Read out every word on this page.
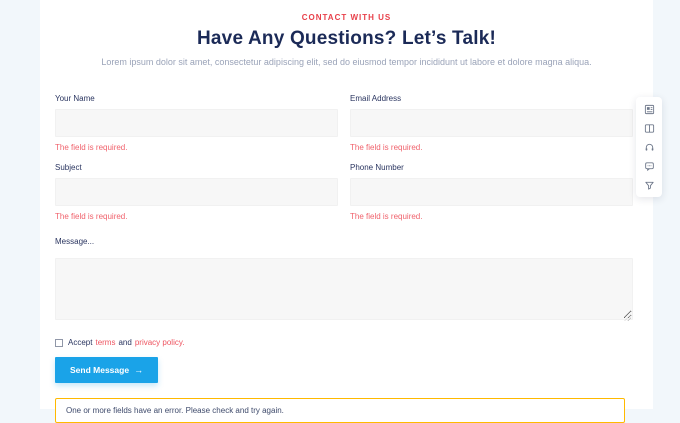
CONTACT WITH US
Have Any Questions? Let’s Talk!

Lorem ipsum dolor sit amet, consectetur adipiscing elit, sed do eiusmod tempor incididunt ut labore et dolore magna aliqua.

Your Name
The field is required.
Email Address
The field is required.
Subject
The field is required.
Phone Number
The field is required.
Message...
Accept terms and privacy policy.
Send Message →
One or more fields have an error. Please check and try again.
